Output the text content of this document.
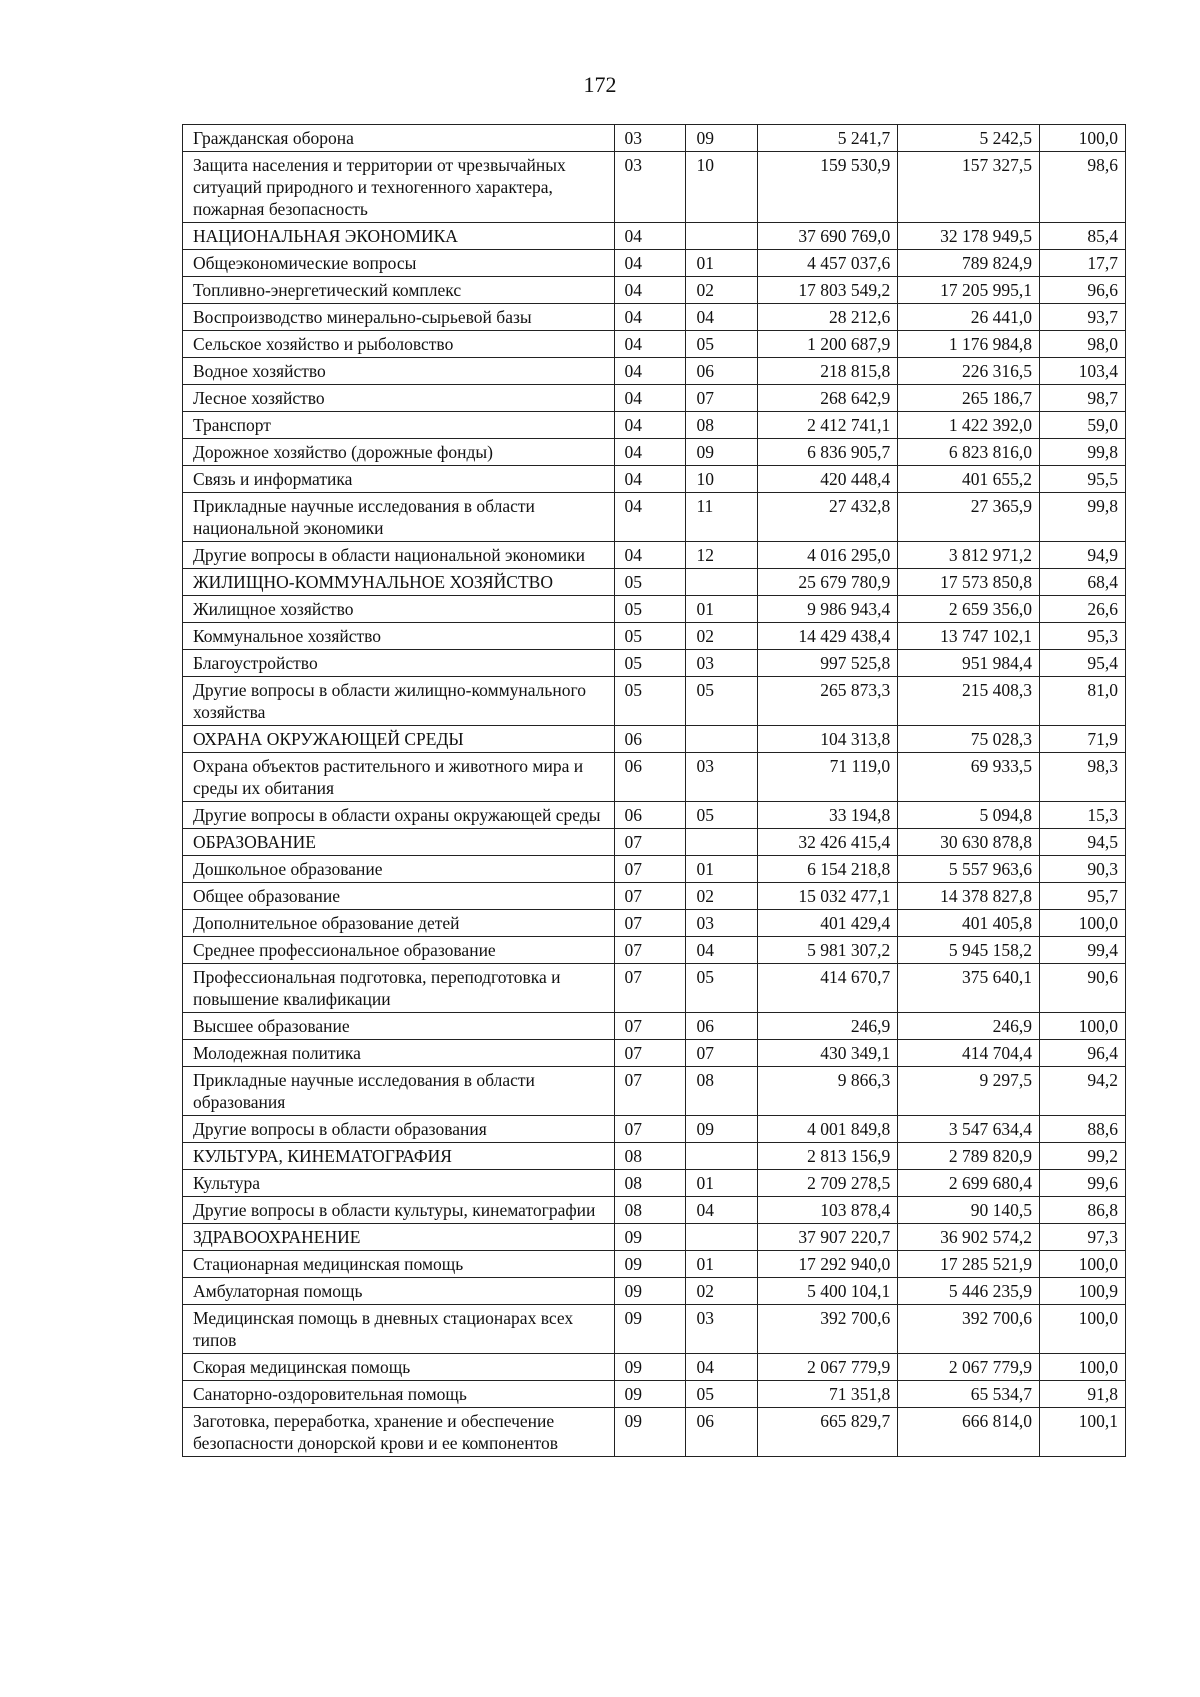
172
Гражданская оборона	03	09	5 241,7	5 242,5	100,0
Защита населения и территории от чрезвычайных ситуаций природного и техногенного характера, пожарная безопасность	03	10	159 530,9	157 327,5	98,6
НАЦИОНАЛЬНАЯ ЭКОНОМИКА	04		37 690 769,0	32 178 949,5	85,4
Общеэкономические вопросы	04	01	4 457 037,6	789 824,9	17,7
Топливно-энергетический комплекс	04	02	17 803 549,2	17 205 995,1	96,6
Воспроизводство минерально-сырьевой базы	04	04	28 212,6	26 441,0	93,7
Сельское хозяйство и рыболовство	04	05	1 200 687,9	1 176 984,8	98,0
Водное хозяйство	04	06	218 815,8	226 316,5	103,4
Лесное хозяйство	04	07	268 642,9	265 186,7	98,7
Транспорт	04	08	2 412 741,1	1 422 392,0	59,0
Дорожное хозяйство (дорожные фонды)	04	09	6 836 905,7	6 823 816,0	99,8
Связь и информатика	04	10	420 448,4	401 655,2	95,5
Прикладные научные исследования в области национальной экономики	04	11	27 432,8	27 365,9	99,8
Другие вопросы в области национальной экономики	04	12	4 016 295,0	3 812 971,2	94,9
ЖИЛИЩНО-КОММУНАЛЬНОЕ ХОЗЯЙСТВО	05		25 679 780,9	17 573 850,8	68,4
Жилищное хозяйство	05	01	9 986 943,4	2 659 356,0	26,6
Коммунальное хозяйство	05	02	14 429 438,4	13 747 102,1	95,3
Благоустройство	05	03	997 525,8	951 984,4	95,4
Другие вопросы в области жилищно-коммунального хозяйства	05	05	265 873,3	215 408,3	81,0
ОХРАНА ОКРУЖАЮЩЕЙ СРЕДЫ	06		104 313,8	75 028,3	71,9
Охрана объектов растительного и животного мира и среды их обитания	06	03	71 119,0	69 933,5	98,3
Другие вопросы в области охраны окружающей среды	06	05	33 194,8	5 094,8	15,3
ОБРАЗОВАНИЕ	07		32 426 415,4	30 630 878,8	94,5
Дошкольное образование	07	01	6 154 218,8	5 557 963,6	90,3
Общее образование	07	02	15 032 477,1	14 378 827,8	95,7
Дополнительное образование детей	07	03	401 429,4	401 405,8	100,0
Среднее профессиональное образование	07	04	5 981 307,2	5 945 158,2	99,4
Профессиональная подготовка, переподготовка и повышение квалификации	07	05	414 670,7	375 640,1	90,6
Высшее образование	07	06	246,9	246,9	100,0
Молодежная политика	07	07	430 349,1	414 704,4	96,4
Прикладные научные исследования в области образования	07	08	9 866,3	9 297,5	94,2
Другие вопросы в области образования	07	09	4 001 849,8	3 547 634,4	88,6
КУЛЬТУРА, КИНЕМАТОГРАФИЯ	08		2 813 156,9	2 789 820,9	99,2
Культура	08	01	2 709 278,5	2 699 680,4	99,6
Другие вопросы в области культуры, кинематографии	08	04	103 878,4	90 140,5	86,8
ЗДРАВООХРАНЕНИЕ	09		37 907 220,7	36 902 574,2	97,3
Стационарная медицинская помощь	09	01	17 292 940,0	17 285 521,9	100,0
Амбулаторная помощь	09	02	5 400 104,1	5 446 235,9	100,9
Медицинская помощь в дневных стационарах всех типов	09	03	392 700,6	392 700,6	100,0
Скорая медицинская помощь	09	04	2 067 779,9	2 067 779,9	100,0
Санаторно-оздоровительная помощь	09	05	71 351,8	65 534,7	91,8
Заготовка, переработка, хранение и обеспечение безопасности донорской крови и ее компонентов	09	06	665 829,7	666 814,0	100,1
